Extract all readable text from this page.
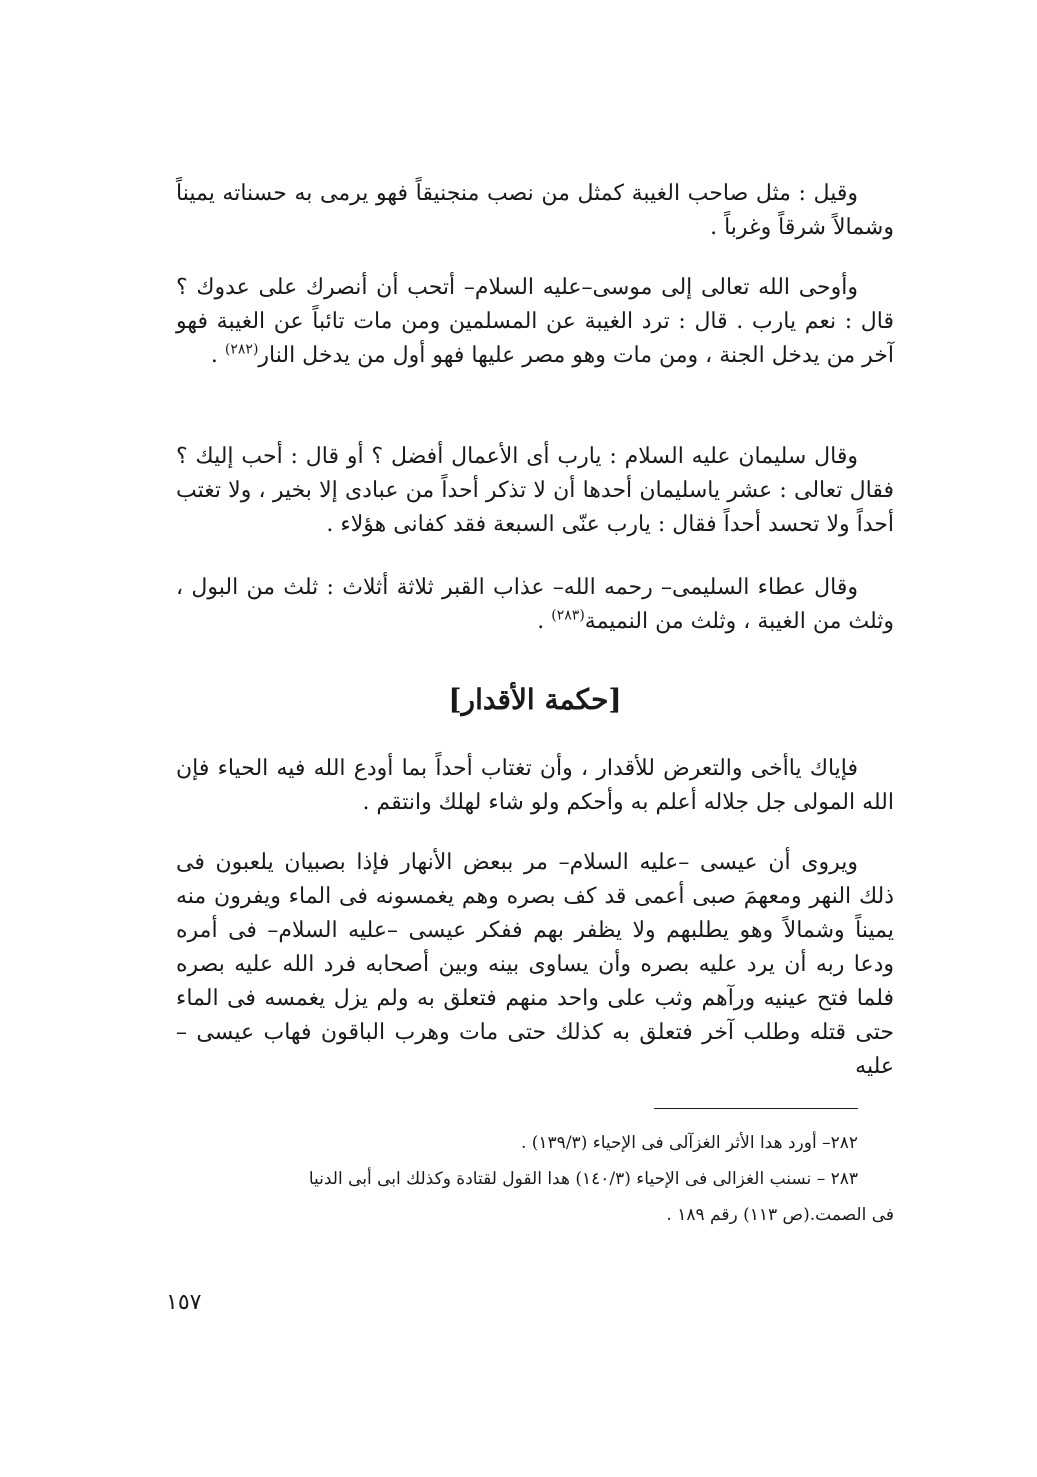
وقيل : مثل صاحب الغيبة كمثل من نصب منجنيقاً فهو يرمى به حسناته يميناً وشمالاً شرقاً وغرباً .

وأوحى الله تعالى إلى موسى–عليه السلام– أتحب أن أنصرك على عدوك ؟ قال : نعم يارب . قال : ترد الغيبة عن المسلمين ومن مات تائباً عن الغيبة فهو آخر من يدخل الجنة ، ومن مات وهو مصر عليها فهو أول من يدخل النار$^{(٢٨٢)}$ .

وقال سليمان عليه السلام : يارب أى الأعمال أفضل ؟ أو قال : أحب إليك ؟ فقال تعالى : عشر ياسليمان أحدها أن لا تذكر أحداً من عبادى إلا بخير ، ولا تغتب أحداً ولا تحسد أحداً فقال : يارب عنّى السبعة فقد كفانى هؤلاء .

وقال عطاء السليمى– رحمه الله– عذاب القبر ثلاثة أثلاث : ثلث من البول ، وثلث من الغيبة ، وثلث من النميمة$^{(٢٨٣)}$ .

[حكمة الأقدار]

فإياك ياأخى والتعرض للأقدار ، وأن تغتاب أحداً بما أودع الله فيه الحياء فإن الله المولى جل جلاله أعلم به وأحكم ولو شاء لهلك وانتقم .

ويروى أن عيسى –عليه السلام– مر ببعض الأنهار فإذا بصبيان يلعبون فى ذلك النهر ومعهمَ صبى أعمى قد كف بصره وهم يغمسونه فى الماء ويفرون منه يميناً وشمالاً وهو يطلبهم ولا يظفر بهم ففكر عيسى –عليه السلام– فى أمره ودعا ربه أن يرد عليه بصره وأن يساوى بينه وبين أصحابه فرد الله عليه بصره فلما فتح عينيه ورآهم وثب على واحد منهم فتعلق به ولم يزل يغمسه فى الماء حتى قتله وطلب آخر فتعلق به كذلك حتى مات وهرب الباقون فهاب عيسى –عليه

٢٨٢– أورد هدا الأثر الغزآلى فى الإحياء (١٣٩/٣) .

٢٨٣ – نسنب الغزالى فى الإحياء (١٤٠/٣) هدا القول لقتادة وكذلك ابى أبى الدنيا

فى الصمت.(ص ١١٣) رقم ١٨٩ .

١٥٧
